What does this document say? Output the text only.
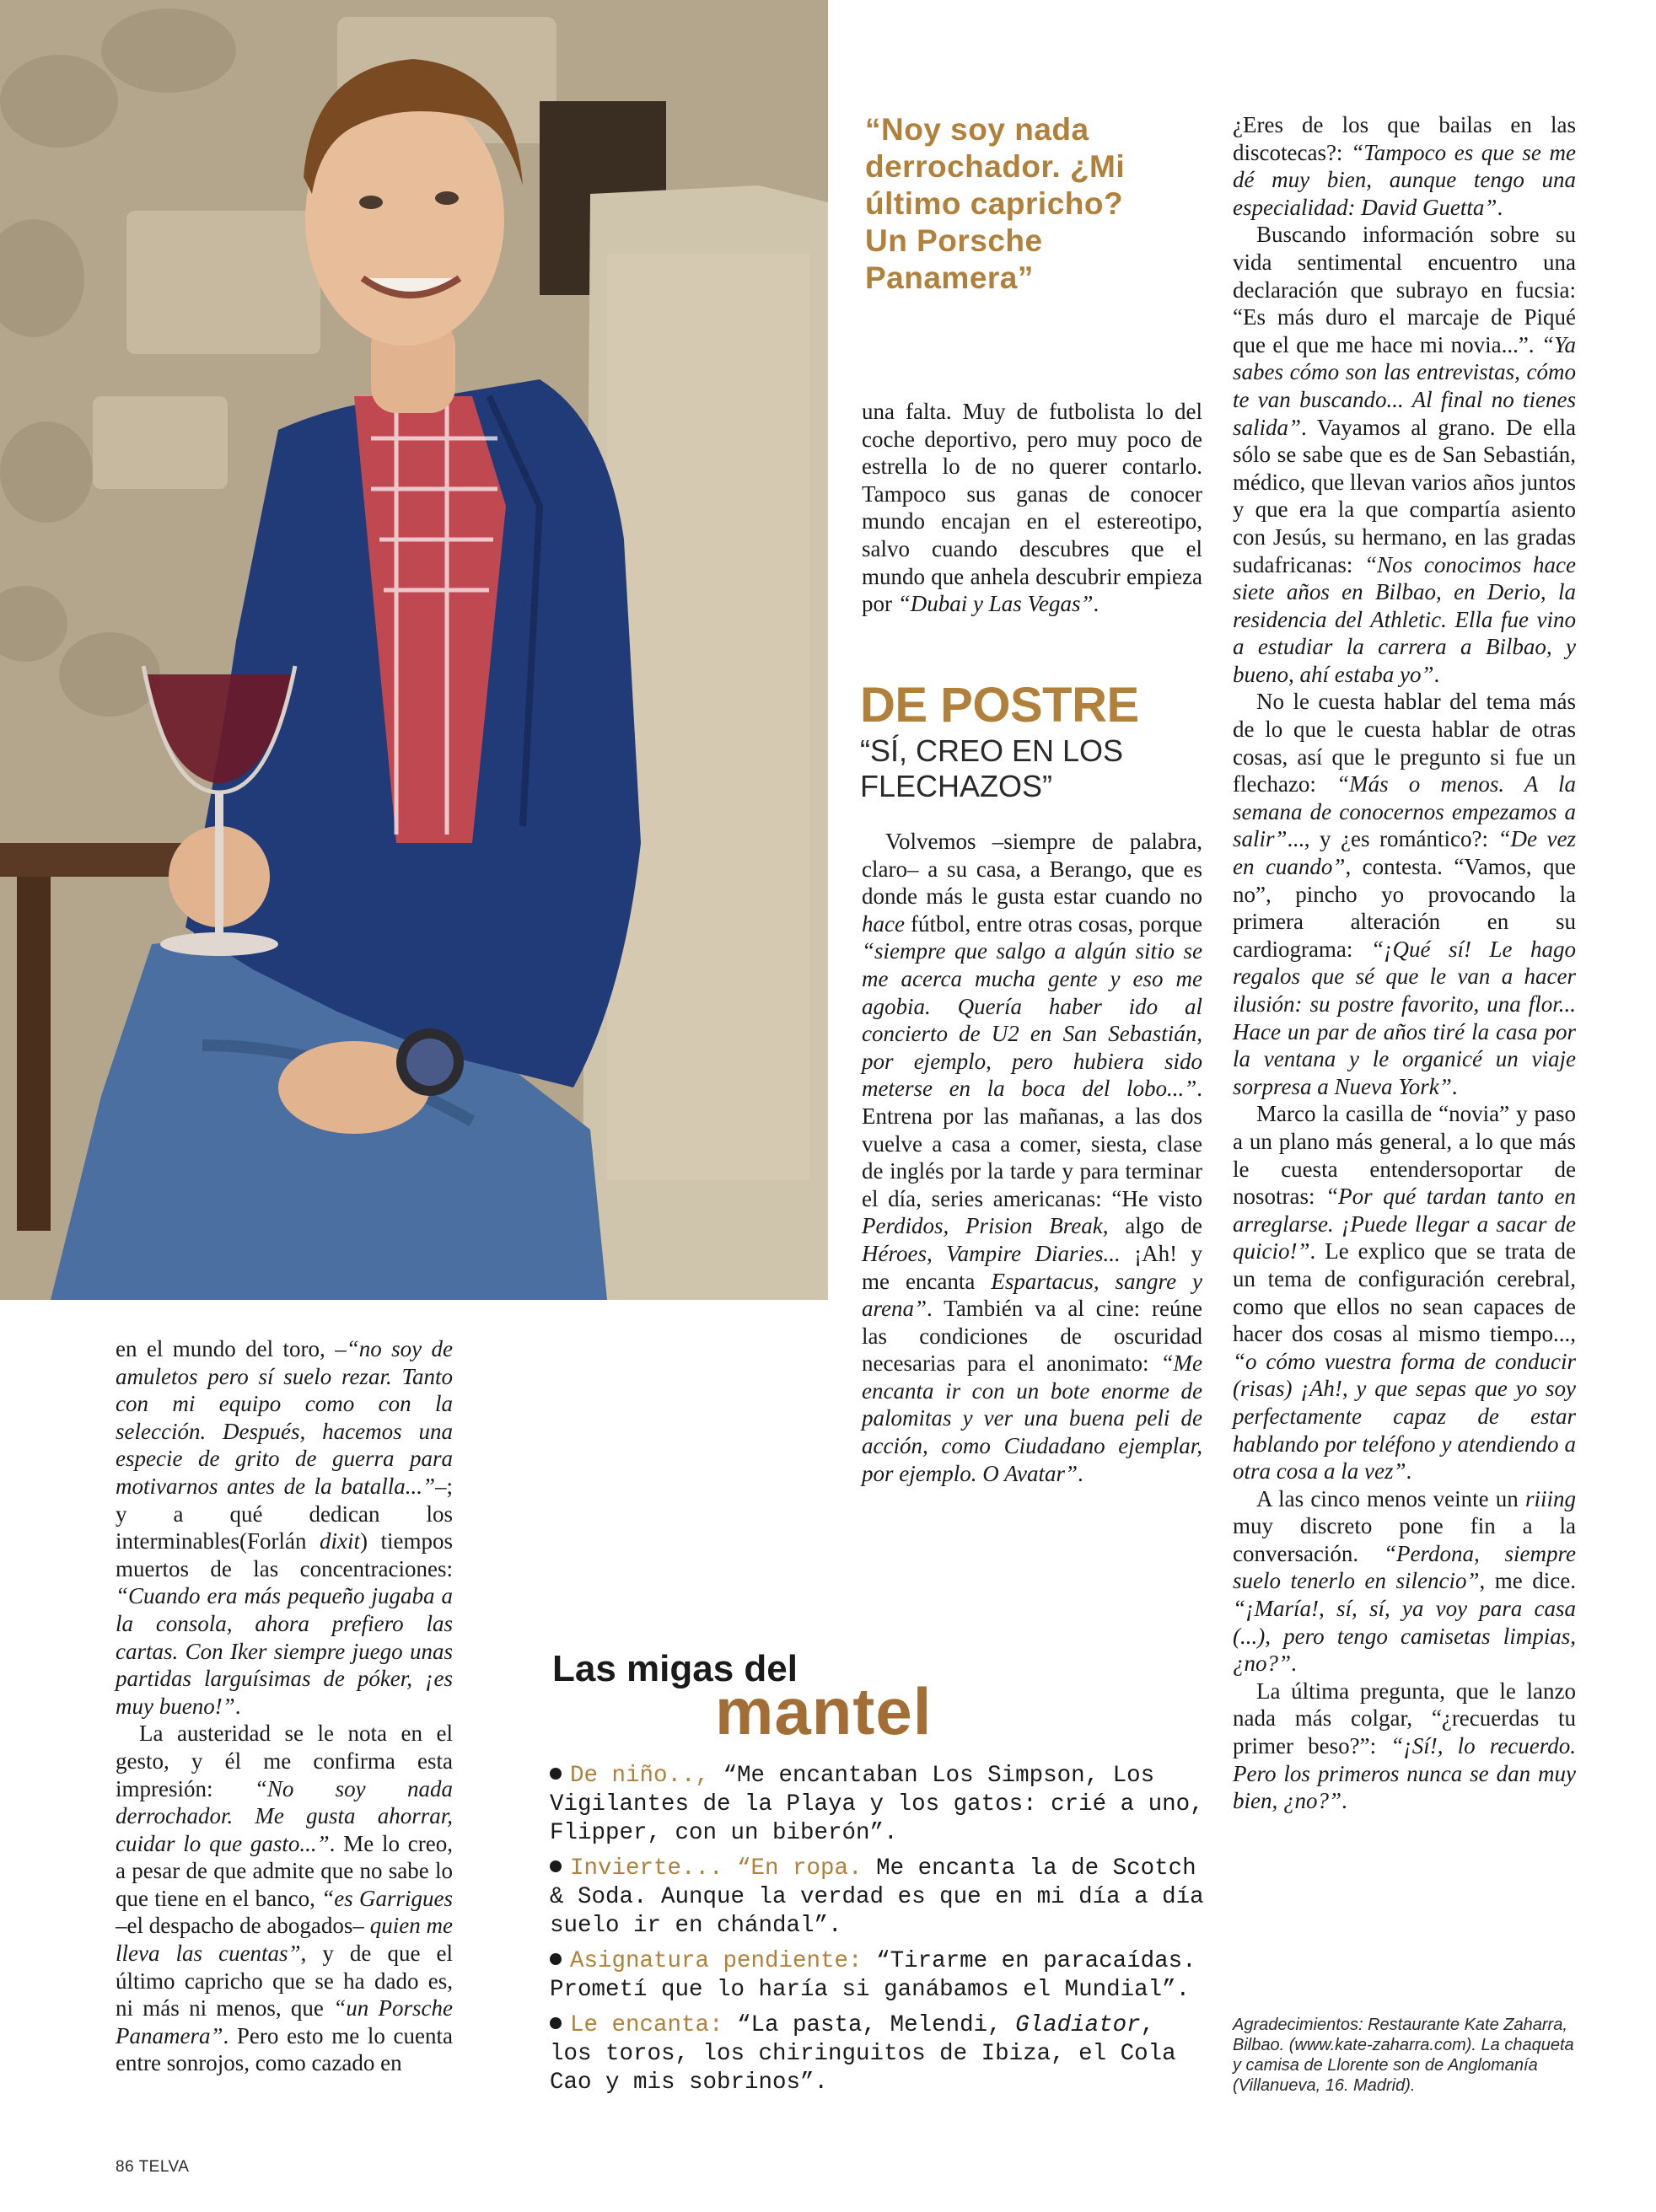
“Noy soy nada derrochador. ¿Mi último capricho? Un Porsche Panamera”

en el mundo del toro, –“no soy de amuletos pero sí suelo rezar. Tanto con mi equipo como con la selección. Después, hacemos una especie de grito de guerra para motivarnos antes de la batalla...”–; y a qué dedican los interminables(Forlán dixit) tiempos muertos de las concentraciones: “Cuando era más pequeño jugaba a la consola, ahora prefiero las cartas. Con Iker siempre juego unas partidas larguísimas de póker, ¡es muy bueno!”.

La austeridad se le nota en el gesto, y él me confirma esta impresión: “No soy nada derrochador. Me gusta ahorrar, cuidar lo que gasto...”. Me lo creo, a pesar de que admite que no sabe lo que tiene en el banco, “es Garrigues –el despacho de abogados– quien me lleva las cuentas”, y de que el último capricho que se ha dado es, ni más ni menos, que “un Porsche Panamera”. Pero esto me lo cuenta entre sonrojos, como cazado en

una falta. Muy de futbolista lo del coche deportivo, pero muy poco de estrella lo de no querer contarlo. Tampoco sus ganas de conocer mundo encajan en el estereotipo, salvo cuando descubres que el mundo que anhela descubrir empieza por “Dubai y Las Vegas”.

DE POSTRE
“SÍ, CREO EN LOS FLECHAZOS”

Volvemos –siempre de palabra, claro– a su casa, a Berango, que es donde más le gusta estar cuando no hace fútbol, entre otras cosas, porque “siempre que salgo a algún sitio se me acerca mucha gente y eso me agobia. Quería haber ido al concierto de U2 en San Sebastián, por ejemplo, pero hubiera sido meterse en la boca del lobo...”. Entrena por las mañanas, a las dos vuelve a casa a comer, siesta, clase de inglés por la tarde y para terminar el día, series americanas: “He visto Perdidos, Prision Break, algo de Héroes, Vampire Diaries... ¡Ah! y me encanta Espartacus, sangre y arena”. También va al cine: reúne las condiciones de oscuridad necesarias para el anonimato: “Me encanta ir con un bote enorme de palomitas y ver una buena peli de acción, como Ciudadano ejemplar, por ejemplo. O Avatar”.

¿Eres de los que bailas en las discotecas?: “Tampoco es que se me dé muy bien, aunque tengo una especialidad: David Guetta”.

Buscando información sobre su vida sentimental encuentro una declaración que subrayo en fucsia: “Es más duro el marcaje de Piqué que el que me hace mi novia...”. “Ya sabes cómo son las entrevistas, cómo te van buscando... Al final no tienes salida”. Vayamos al grano. De ella sólo se sabe que es de San Sebastián, médico, que llevan varios años juntos y que era la que compartía asiento con Jesús, su hermano, en las gradas sudafricanas: “Nos conocimos hace siete años en Bilbao, en Derio, la residencia del Athletic. Ella fue vino a estudiar la carrera a Bilbao, y bueno, ahí estaba yo”.

No le cuesta hablar del tema más de lo que le cuesta hablar de otras cosas, así que le pregunto si fue un flechazo: “Más o menos. A la semana de conocernos empezamos a salir”..., y ¿es romántico?: “De vez en cuando”, contesta. “Vamos, que no”, pincho yo provocando la primera alteración en su cardiograma: “¡Qué sí! Le hago regalos que sé que le van a hacer ilusión: su postre favorito, una flor... Hace un par de años tiré la casa por la ventana y le organicé un viaje sorpresa a Nueva York”.

Marco la casilla de “novia” y paso a un plano más general, a lo que más le cuesta entendersoportar de nosotras: “Por qué tardan tanto en arreglarse. ¡Puede llegar a sacar de quicio!”. Le explico que se trata de un tema de configuración cerebral, como que ellos no sean capaces de hacer dos cosas al mismo tiempo..., “o cómo vuestra forma de conducir (risas) ¡Ah!, y que sepas que yo soy perfectamente capaz de estar hablando por teléfono y atendiendo a otra cosa a la vez”.

A las cinco menos veinte un riiing muy discreto pone fin a la conversación. “Perdona, siempre suelo tenerlo en silencio”, me dice. “¡María!, sí, sí, ya voy para casa (...), pero tengo camisetas limpias, ¿no?”.

La última pregunta, que le lanzo nada más colgar, “¿recuerdas tu primer beso?”: “¡Sí!, lo recuerdo. Pero los primeros nunca se dan muy bien, ¿no?”.

Las migas del
mantel
De niño.., “Me encantaban Los Simpson, Los Vigilantes de la Playa y los gatos: crié a uno, Flipper, con un biberón”.
Invierte... “En ropa. Me encanta la de Scotch & Soda. Aunque la verdad es que en mi día a día suelo ir en chándal”.
Asignatura pendiente: “Tirarme en paracaídas. Prometí que lo haría si ganábamos el Mundial”.
Le encanta: “La pasta, Melendi, Gladiator, los toros, los chiringuitos de Ibiza, el Cola Cao y mis sobrinos”.
Agradecimientos: Restaurante Kate Zaharra, Bilbao. (www.kate-zaharra.com). La chaqueta y camisa de Llorente son de Anglomanía (Villanueva, 16. Madrid).
86 TELVA
